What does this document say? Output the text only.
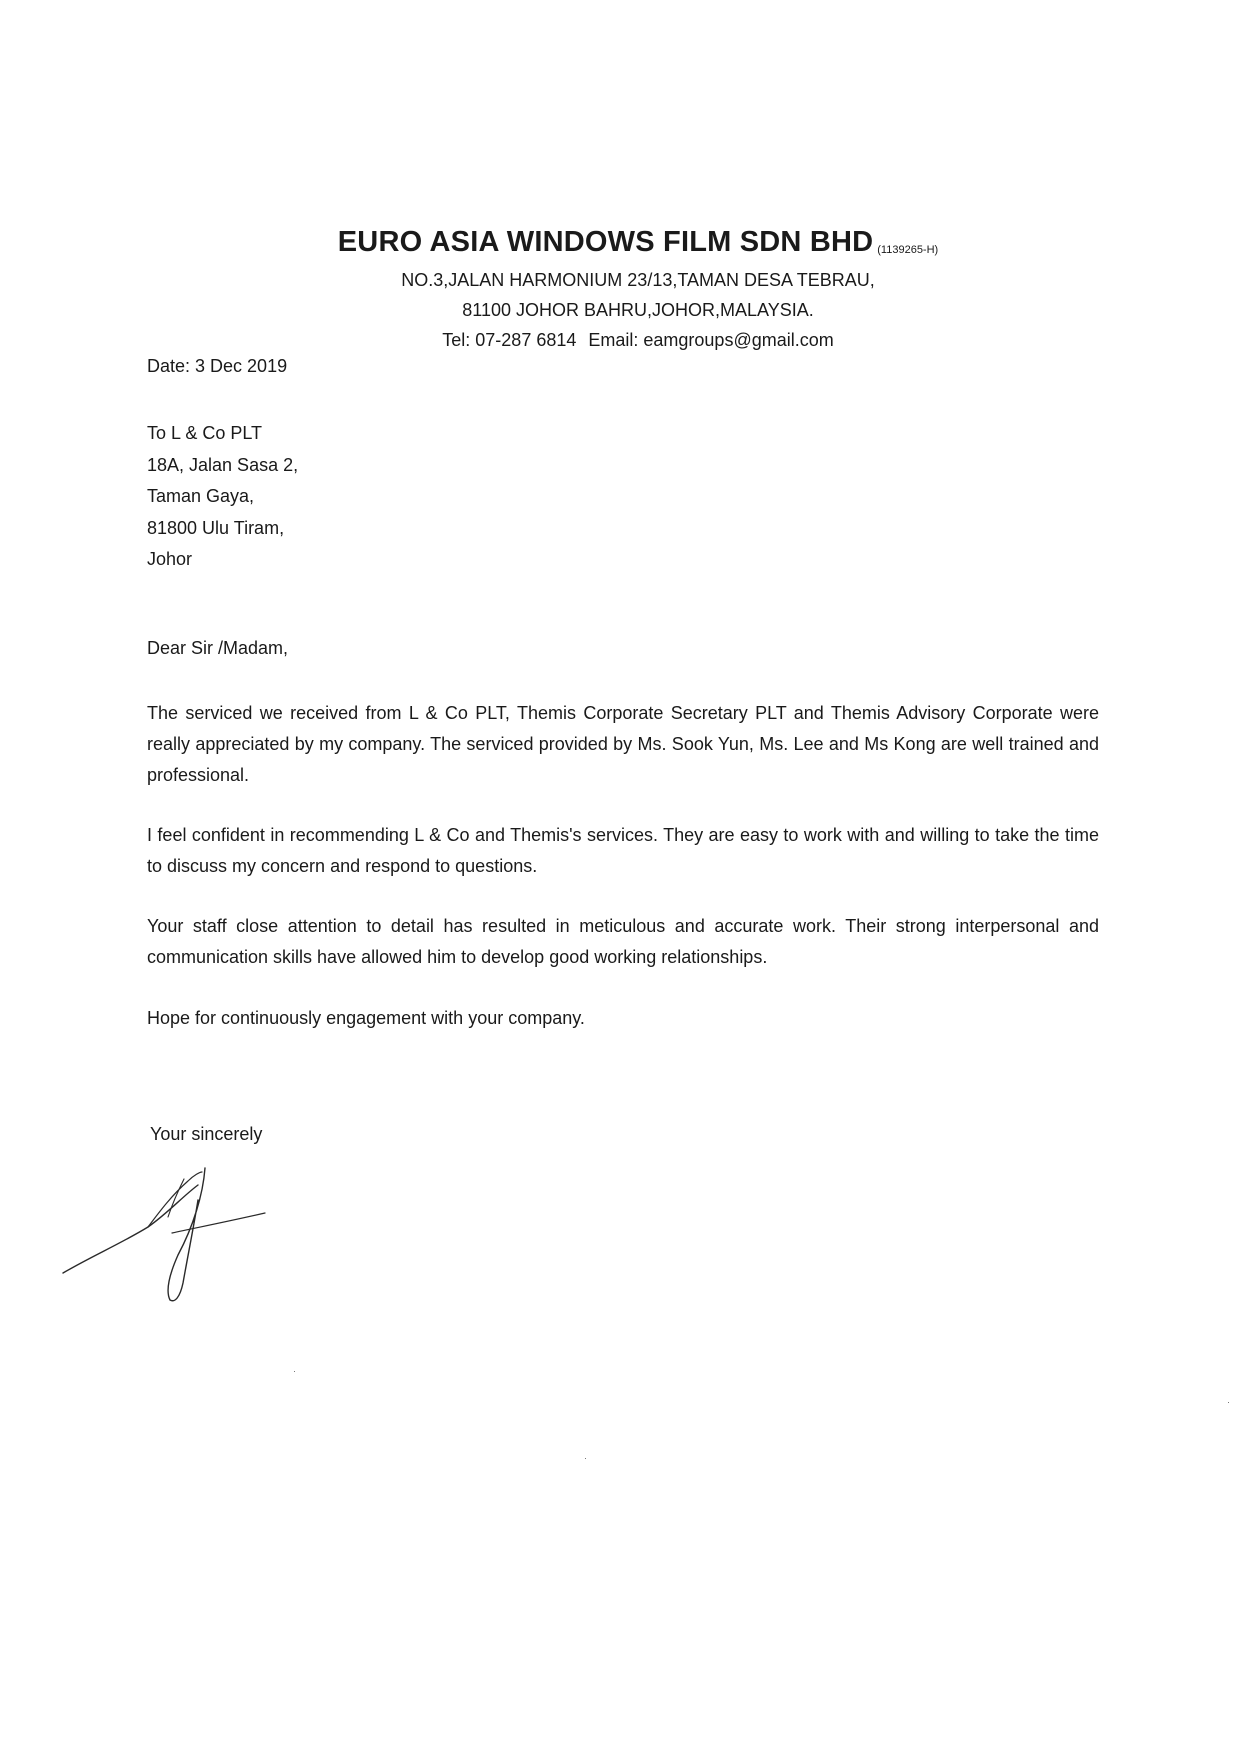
EURO ASIA WINDOWS FILM SDN BHD (1139265-H)
NO.3,JALAN HARMONIUM 23/13,TAMAN DESA TEBRAU,
81100 JOHOR BAHRU,JOHOR,MALAYSIA.
Tel: 07-287 6814 Email: eamgroups@gmail.com
Date: 3 Dec 2019
To L & Co PLT
18A, Jalan Sasa 2,
Taman Gaya,
81800 Ulu Tiram,
Johor
Dear Sir /Madam,
The serviced we received from L & Co PLT, Themis Corporate Secretary PLT and Themis Advisory Corporate were really appreciated by my company. The serviced provided by Ms. Sook Yun, Ms. Lee and Ms Kong are well trained and professional.
I feel confident in recommending L & Co and Themis's services. They are easy to work with and willing to take the time to discuss my concern and respond to questions.
Your staff close attention to detail has resulted in meticulous and accurate work. Their strong interpersonal and communication skills have allowed him to develop good working relationships.
Hope for continuously engagement with your company.
Your sincerely
